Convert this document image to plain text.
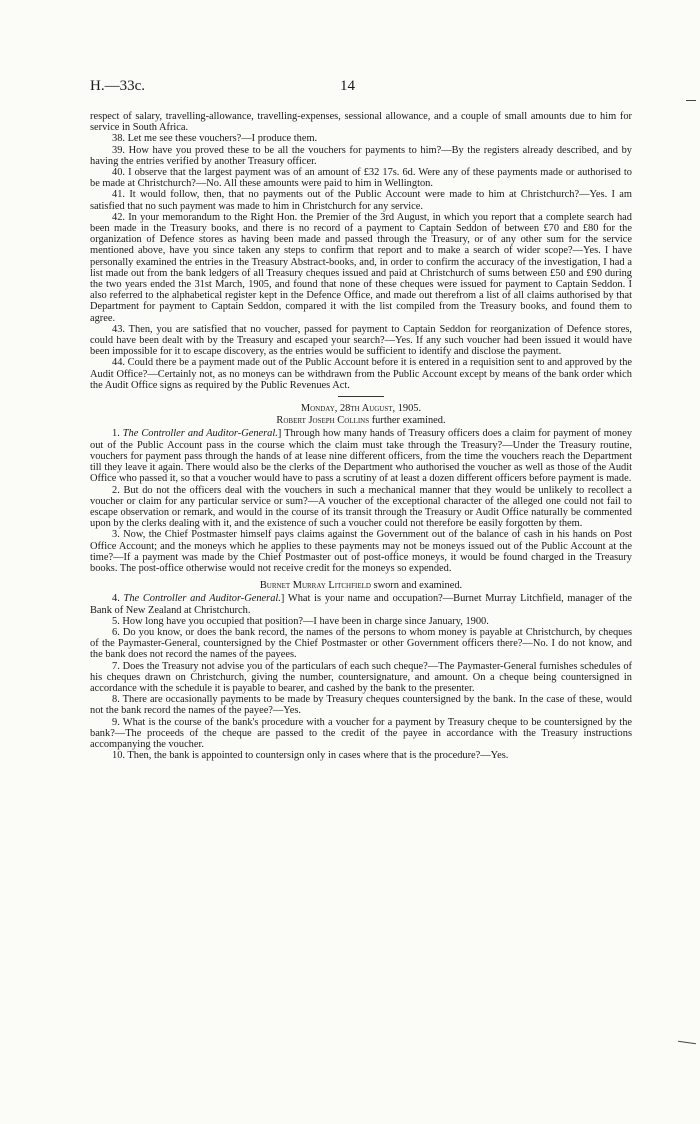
H.—33c.	14

respect of salary, travelling-allowance, travelling-expenses, sessional allowance, and a couple of small amounts due to him for service in South Africa.

38. Let me see these vouchers?—I produce them.

39. How have you proved these to be all the vouchers for payments to him?—By the registers already described, and by having the entries verified by another Treasury officer.

40. I observe that the largest payment was of an amount of £32 17s. 6d. Were any of these payments made or authorised to be made at Christchurch?—No. All these amounts were paid to him in Wellington.

41. It would follow, then, that no payments out of the Public Account were made to him at Christchurch?—Yes. I am satisfied that no such payment was made to him in Christchurch for any service.

42. In your memorandum to the Right Hon. the Premier of the 3rd August, in which you report that a complete search had been made in the Treasury books, and there is no record of a payment to Captain Seddon of between £70 and £80 for the organization of Defence stores as having been made and passed through the Treasury, or of any other sum for the service mentioned above, have you since taken any steps to confirm that report and to make a search of wider scope?—Yes. I have personally examined the entries in the Treasury Abstract-books, and, in order to confirm the accuracy of the investigation, I had a list made out from the bank ledgers of all Treasury cheques issued and paid at Christchurch of sums between £50 and £90 during the two years ended the 31st March, 1905, and found that none of these cheques were issued for payment to Captain Seddon. I also referred to the alphabetical register kept in the Defence Office, and made out therefrom a list of all claims authorised by that Department for payment to Captain Seddon, compared it with the list compiled from the Treasury books, and found them to agree.

43. Then, you are satisfied that no voucher, passed for payment to Captain Seddon for reorganization of Defence stores, could have been dealt with by the Treasury and escaped your search?—Yes. If any such voucher had been issued it would have been impossible for it to escape discovery, as the entries would be sufficient to identify and disclose the payment.

44. Could there be a payment made out of the Public Account before it is entered in a requisition sent to and approved by the Audit Office?—Certainly not, as no moneys can be withdrawn from the Public Account except by means of the bank order which the Audit Office signs as required by the Public Revenues Act.

Monday, 28th August, 1905.
Robert Joseph Collins further examined.

1. The Controller and Auditor-General.] Through how many hands of Treasury officers does a claim for payment of money out of the Public Account pass in the course which the claim must take through the Treasury?—Under the Treasury routine, vouchers for payment pass through the hands of at lease nine different officers, from the time the vouchers reach the Department till they leave it again. There would also be the clerks of the Department who authorised the voucher as well as those of the Audit Office who passed it, so that a voucher would have to pass a scrutiny of at least a dozen different officers before payment is made.

2. But do not the officers deal with the vouchers in such a mechanical manner that they would be unlikely to recollect a voucher or claim for any particular service or sum?—A voucher of the exceptional character of the alleged one could not fail to escape observation or remark, and would in the course of its transit through the Treasury or Audit Office naturally be commented upon by the clerks dealing with it, and the existence of such a voucher could not therefore be easily forgotten by them.

3. Now, the Chief Postmaster himself pays claims against the Government out of the balance of cash in his hands on Post Office Account; and the moneys which he applies to these payments may not be moneys issued out of the Public Account at the time?—If a payment was made by the Chief Postmaster out of post-office moneys, it would be found charged in the Treasury books. The post-office otherwise would not receive credit for the moneys so expended.

Burnet Murray Litchfield sworn and examined.

4. The Controller and Auditor-General.] What is your name and occupation?—Burnet Murray Litchfield, manager of the Bank of New Zealand at Christchurch.

5. How long have you occupied that position?—I have been in charge since January, 1900.

6. Do you know, or does the bank record, the names of the persons to whom money is payable at Christchurch, by cheques of the Paymaster-General, countersigned by the Chief Postmaster or other Government officers there?—No. I do not know, and the bank does not record the names of the payees.

7. Does the Treasury not advise you of the particulars of each such cheque?—The Paymaster-General furnishes schedules of his cheques drawn on Christchurch, giving the number, countersignature, and amount. On a cheque being countersigned in accordance with the schedule it is payable to bearer, and cashed by the bank to the presenter.

8. There are occasionally payments to be made by Treasury cheques countersigned by the bank. In the case of these, would not the bank record the names of the payee?—Yes.

9. What is the course of the bank's procedure with a voucher for a payment by Treasury cheque to be countersigned by the bank?—The proceeds of the cheque are passed to the credit of the payee in accordance with the Treasury instructions accompanying the voucher.

10. Then, the bank is appointed to countersign only in cases where that is the procedure?—Yes.
